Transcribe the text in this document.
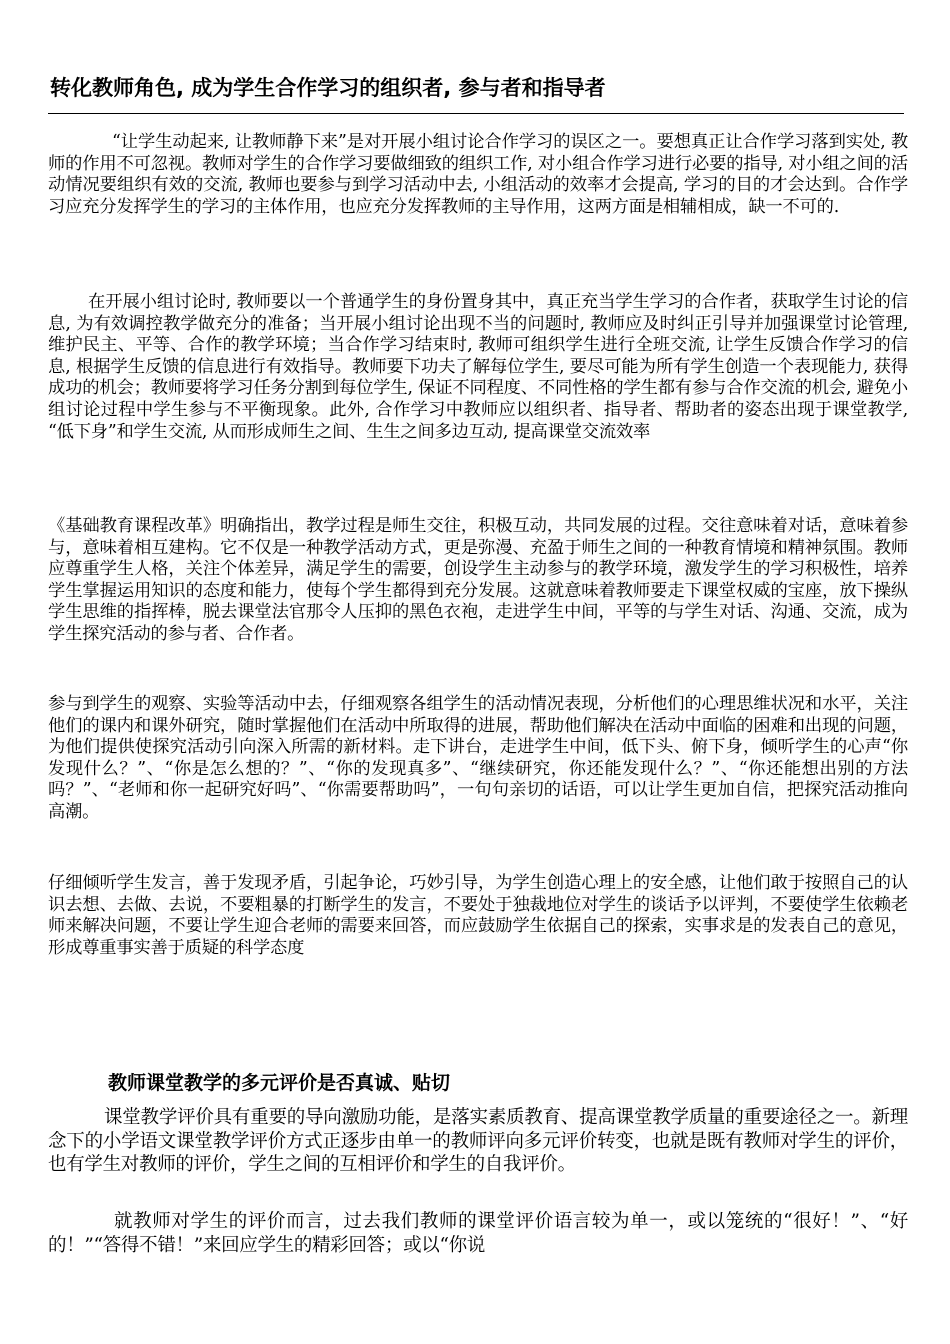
转化教师角色, 成为学生合作学习的组织者, 参与者和指导者

“让学生动起来, 让教师静下来”是对开展小组讨论合作学习的误区之一。要想真正让合作学习落到实处, 教师的作用不可忽视。教师对学生的合作学习要做细致的组织工作, 对小组合作学习进行必要的指导, 对小组之间的活动情况要组织有效的交流, 教师也要参与到学习活动中去, 小组活动的效率才会提高, 学习的目的才会达到。合作学习应充分发挥学生的学习的主体作用，也应充分发挥教师的主导作用，这两方面是相辅相成，缺一不可的.

在开展小组讨论时, 教师要以一个普通学生的身份置身其中，真正充当学生学习的合作者，获取学生讨论的信息, 为有效调控教学做充分的准备；当开展小组讨论出现不当的问题时, 教师应及时纠正引导并加强课堂讨论管理, 维护民主、平等、合作的教学环境；当合作学习结束时, 教师可组织学生进行全班交流, 让学生反馈合作学习的信息, 根据学生反馈的信息进行有效指导。教师要下功夫了解每位学生, 要尽可能为所有学生创造一个表现能力, 获得成功的机会；教师要将学习任务分割到每位学生, 保证不同程度、不同性格的学生都有参与合作交流的机会, 避免小组讨论过程中学生参与不平衡现象。此外, 合作学习中教师应以组织者、指导者、帮助者的姿态出现于课堂教学, “低下身”和学生交流, 从而形成师生之间、生生之间多边互动, 提高课堂交流效率

《基础教育课程改革》明确指出，教学过程是师生交往，积极互动，共同发展的过程。交往意味着对话，意味着参与，意味着相互建构。它不仅是一种教学活动方式，更是弥漫、充盈于师生之间的一种教育情境和精神氛围。教师应尊重学生人格，关注个体差异，满足学生的需要，创设学生主动参与的教学环境，激发学生的学习积极性，培养学生掌握运用知识的态度和能力，使每个学生都得到充分发展。这就意味着教师要走下课堂权威的宝座，放下操纵学生思维的指挥棒，脱去课堂法官那令人压抑的黑色衣袍，走进学生中间，平等的与学生对话、沟通、交流，成为学生探究活动的参与者、合作者。

参与到学生的观察、实验等活动中去，仔细观察各组学生的活动情况表现，分析他们的心理思维状况和水平，关注他们的课内和课外研究，随时掌握他们在活动中所取得的进展，帮助他们解决在活动中面临的困难和出现的问题，为他们提供使探究活动引向深入所需的新材料。走下讲台，走进学生中间，低下头、俯下身，倾听学生的心声“你发现什么？”、“你是怎么想的？”、“你的发现真多”、“继续研究，你还能发现什么？”、“你还能想出别的方法吗？”、“老师和你一起研究好吗”、“你需要帮助吗”，一句句亲切的话语，可以让学生更加自信，把探究活动推向高潮。

仔细倾听学生发言，善于发现矛盾，引起争论，巧妙引导，为学生创造心理上的安全感，让他们敢于按照自己的认识去想、去做、去说，不要粗暴的打断学生的发言，不要处于独裁地位对学生的谈话予以评判，不要使学生依赖老师来解决问题，不要让学生迎合老师的需要来回答，而应鼓励学生依据自己的探索，实事求是的发表自己的意见，形成尊重事实善于质疑的科学态度

教师课堂教学的多元评价是否真诚、贴切

课堂教学评价具有重要的导向激励功能，是落实素质教育、提高课堂教学质量的重要途径之一。新理念下的小学语文课堂教学评价方式正逐步由单一的教师评向多元评价转变，也就是既有教师对学生的评价，也有学生对教师的评价，学生之间的互相评价和学生的自我评价。

就教师对学生的评价而言，过去我们教师的课堂评价语言较为单一，或以笼统的“很好！”、“好的！”“答得不错！”来回应学生的精彩回答；或以“你说
